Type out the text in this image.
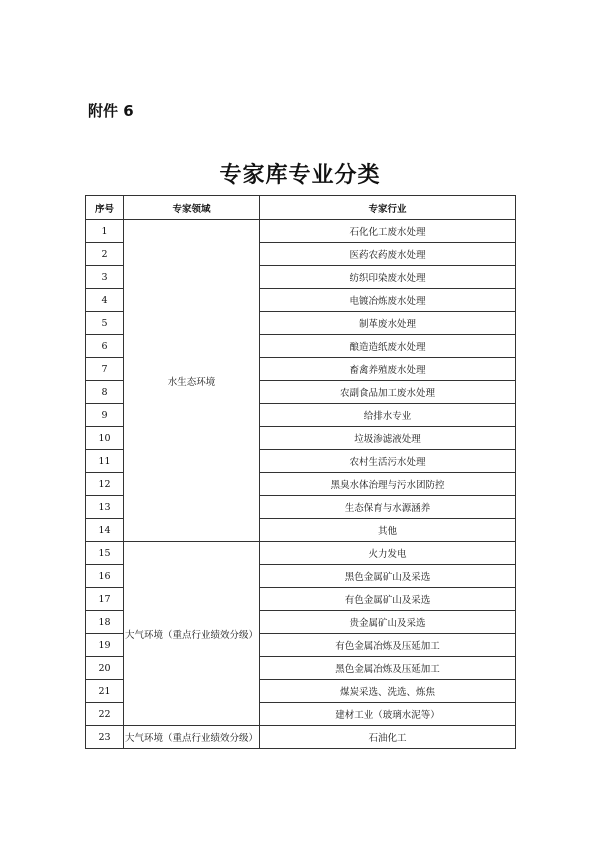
附件 6
专家库专业分类
序号	专家领域	专家行业
1	水生态环境	石化化工废水处理
2		医药农药废水处理
3		纺织印染废水处理
4		电镀冶炼废水处理
5		制革废水处理
6		酿造造纸废水处理
7		畜禽养殖废水处理
8		农副食品加工废水处理
9		给排水专业
10		垃圾渗滤液处理
11		农村生活污水处理
12		黑臭水体治理与污水团防控
13		生态保育与水源涵养
14		其他
15	大气环境（重点行业绩效分级）	火力发电
16		黑色金属矿山及采选
17		有色金属矿山及采选
18		贵金属矿山及采选
19		有色金属冶炼及压延加工
20		黑色金属冶炼及压延加工
21		煤炭采选、洗选、炼焦
22		建材工业（玻璃水泥等）
23	大气环境（重点行业绩效分级）	石油化工
